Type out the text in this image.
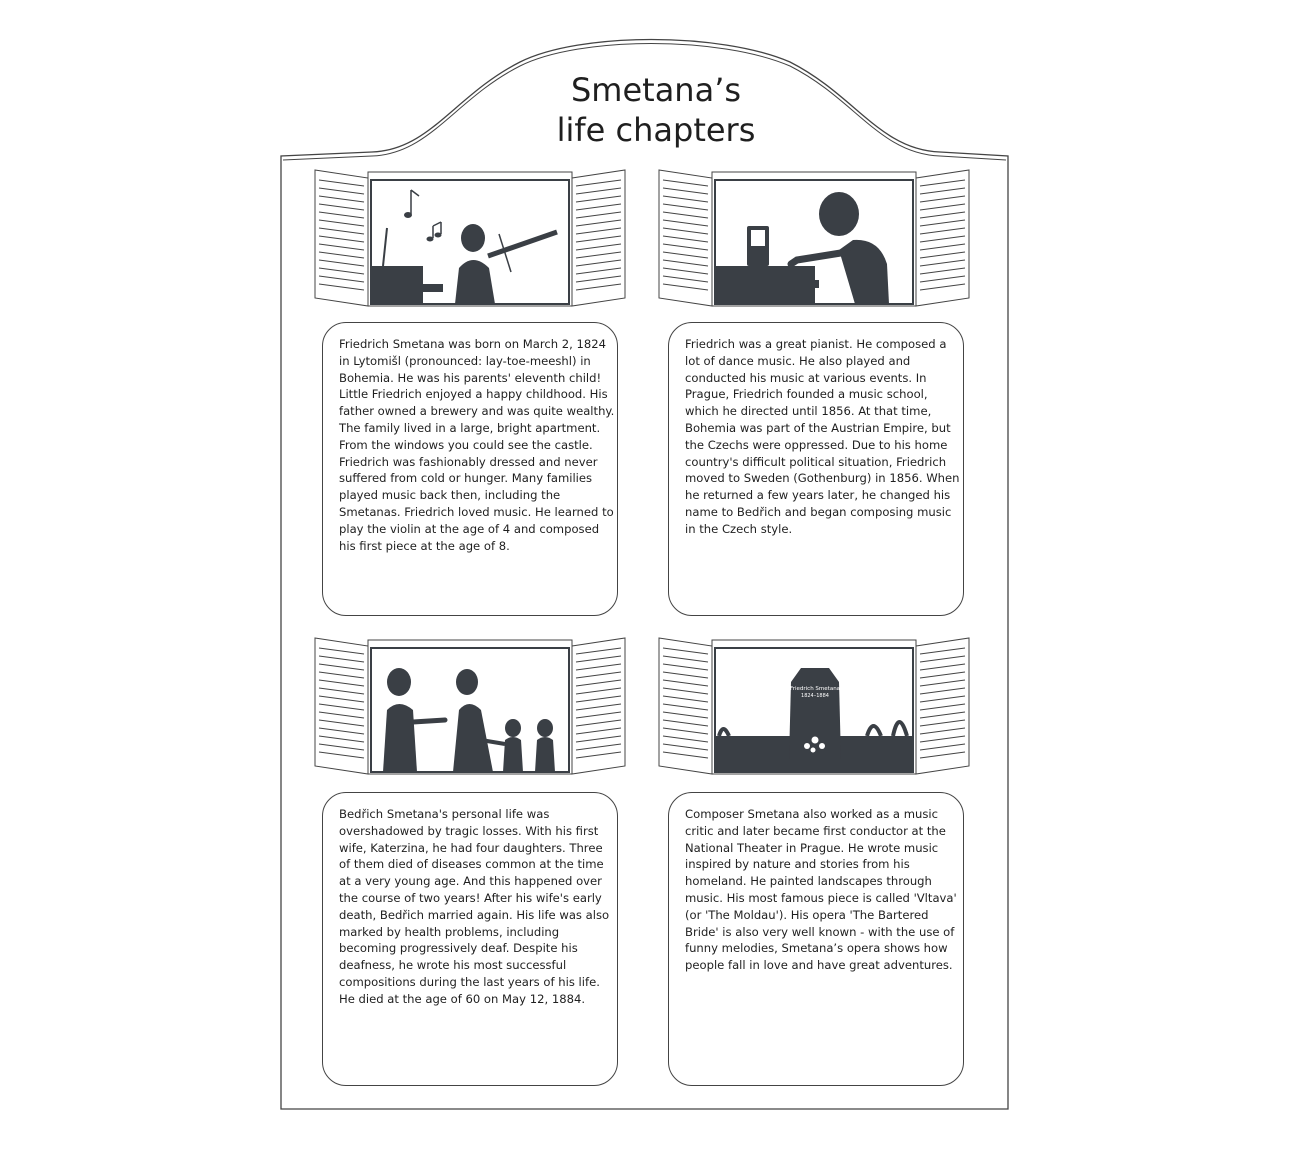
Smetana’s
life chapters
Friedrich Smetana
1824–1884

Friedrich Smetana was born on March 2, 1824 in Lytomišl (pronounced: lay-toe-meeshl) in Bohemia. He was his parents' eleventh child! Little Friedrich enjoyed a happy childhood. His father owned a brewery and was quite wealthy. The family lived in a large, bright apartment. From the windows you could see the castle. Friedrich was fashionably dressed and never suffered from cold or hunger. Many families played music back then, including the Smetanas. Friedrich loved music. He learned to play the violin at the age of 4 and composed his first piece at the age of 8.

Friedrich was a great pianist. He composed a lot of dance music. He also played and conducted his music at various events. In Prague, Friedrich founded a music school, which he directed until 1856. At that time, Bohemia was part of the Austrian Empire, but the Czechs were oppressed. Due to his home country's difficult political situation, Friedrich moved to Sweden (Gothenburg) in 1856. When he returned a few years later, he changed his name to Bedřich and began composing music in the Czech style.

Bedřich Smetana's personal life was overshadowed by tragic losses. With his first wife, Katerzina, he had four daughters. Three of them died of diseases common at the time at a very young age. And this happened over the course of two years! After his wife's early death, Bedřich married again. His life was also marked by health problems, including becoming progressively deaf. Despite his deafness, he wrote his most successful compositions during the last years of his life. He died at the age of 60 on May 12, 1884.

Composer Smetana also worked as a music critic and later became first conductor at the National Theater in Prague. He wrote music inspired by nature and stories from his homeland. He painted landscapes through music. His most famous piece is called 'Vltava' (or 'The Moldau'). His opera 'The Bartered Bride' is also very well known - with the use of funny melodies, Smetana’s opera shows how people fall in love and have great adventures.
